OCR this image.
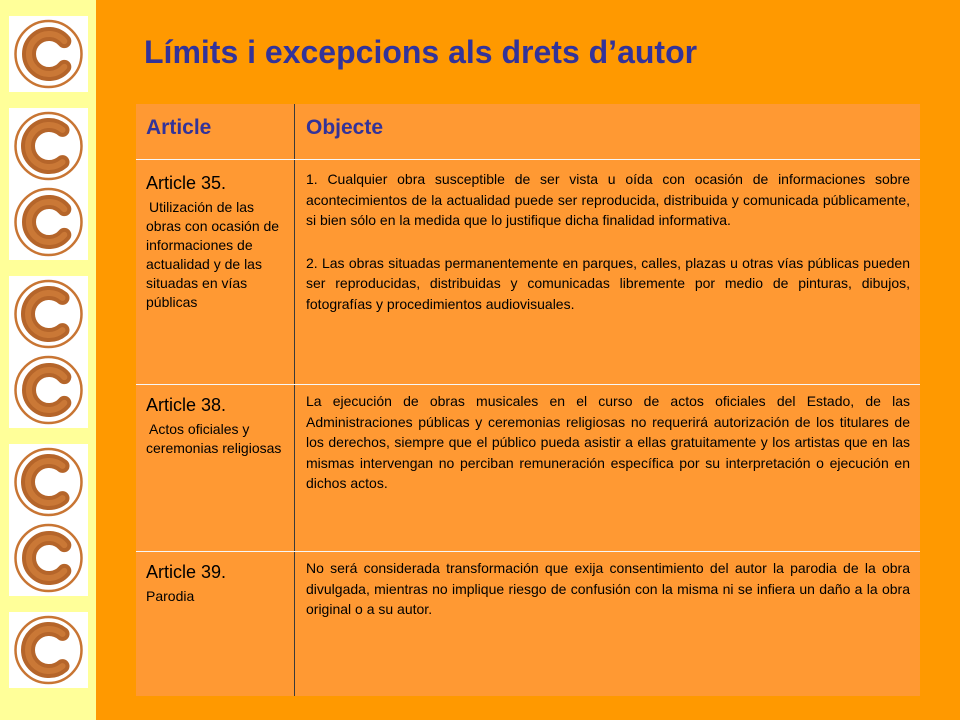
Límits i excepcions als drets d’autor
Article	Objecte
Article 35.
Utilización de las obras con ocasión de informaciones de actualidad y de las situadas en vías públicas

1. Cualquier obra susceptible de ser vista u oída con ocasión de informaciones sobre acontecimientos de la actualidad puede ser reproducida, distribuida y comunicada públicamente, si bien sólo en la medida que lo justifique dicha finalidad informativa.

2. Las obras situadas permanentemente en parques, calles, plazas u otras vías públicas pueden ser reproducidas, distribuidas y comunicadas libremente por medio de pinturas, dibujos, fotografías y procedimientos audiovisuales.

Article 38.
Actos oficiales y ceremonias religiosas

La ejecución de obras musicales en el curso de actos oficiales del Estado, de las Administraciones públicas y ceremonias religiosas no requerirá autorización de los titulares de los derechos, siempre que el público pueda asistir a ellas gratuitamente y los artistas que en las mismas intervengan no perciban remuneración específica por su interpretación o ejecución en dichos actos.

Article 39.
Parodia

No será considerada transformación que exija consentimiento del autor la parodia de la obra divulgada, mientras no implique riesgo de confusión con la misma ni se infiera un daño a la obra original o a su autor.
